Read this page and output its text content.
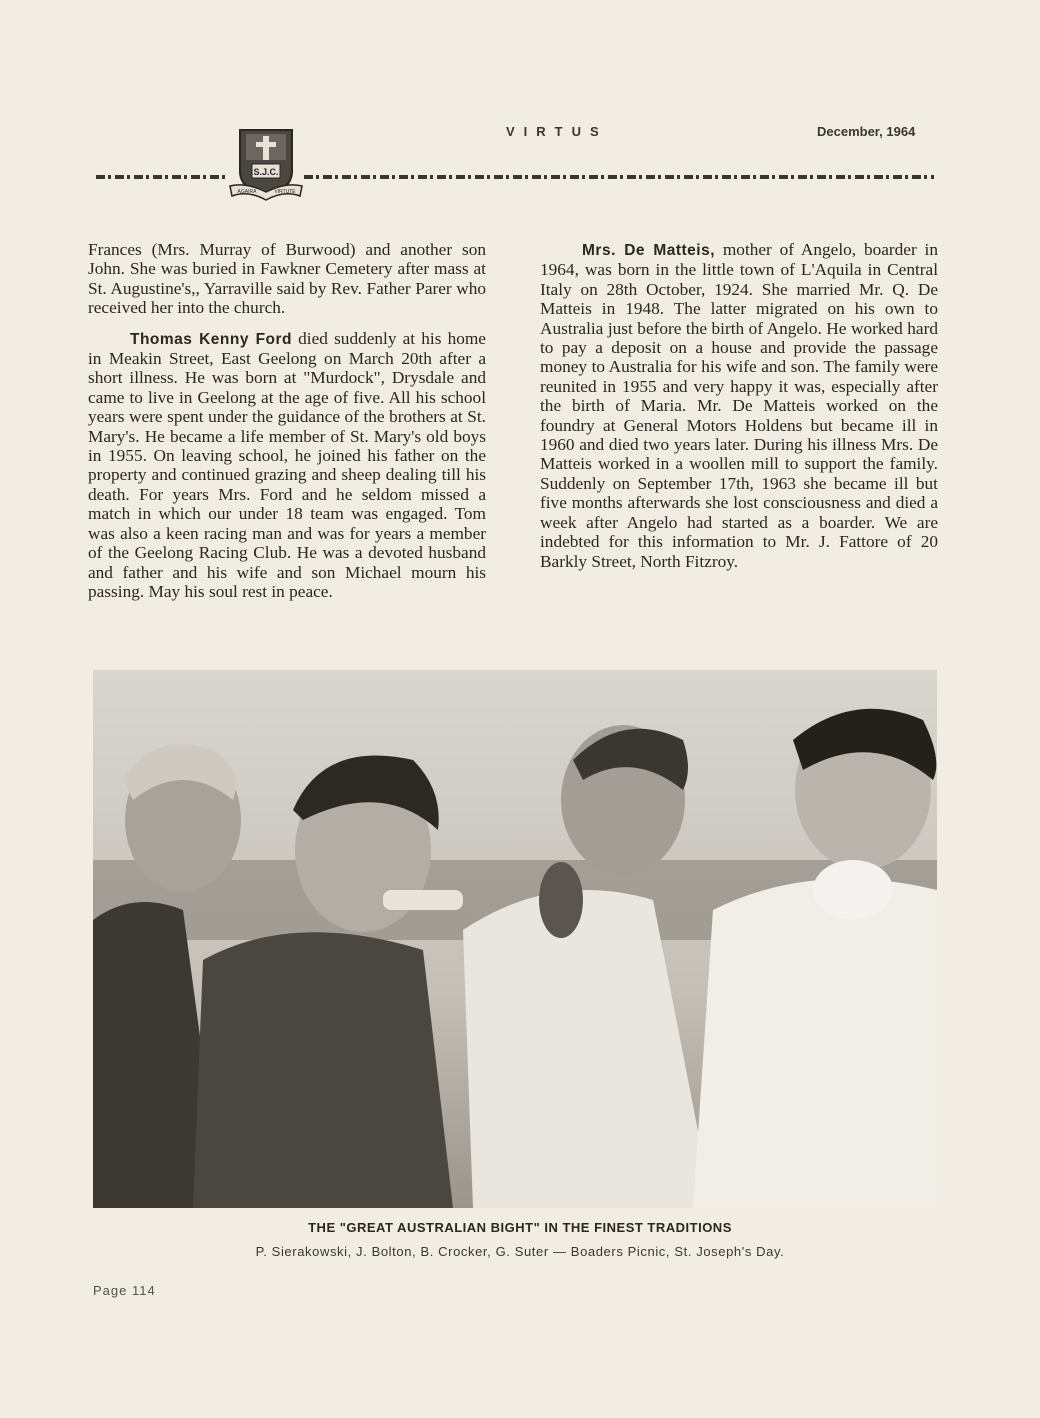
S.J.C.
AGAIRA	VIRTUTE
VIRTUS	December, 1964

Frances (Mrs. Murray of Burwood) and another son John. She was buried in Fawkner Cemetery after mass at St. Augustine's,, Yarraville said by Rev. Father Parer who received her into the church.

Thomas Kenny Ford died suddenly at his home in Meakin Street, East Geelong on March 20th after a short illness. He was born at "Murdock", Drysdale and came to live in Geelong at the age of five. All his school years were spent under the guidance of the brothers at St. Mary's. He became a life member of St. Mary's old boys in 1955. On leaving school, he joined his father on the property and continued grazing and sheep dealing till his death. For years Mrs. Ford and he seldom missed a match in which our under 18 team was engaged. Tom was also a keen racing man and was for years a member of the Geelong Racing Club. He was a devoted husband and father and his wife and son Michael mourn his passing. May his soul rest in peace.

Mrs. De Matteis, mother of Angelo, boarder in 1964, was born in the little town of L'Aquila in Central Italy on 28th October, 1924. She married Mr. Q. De Matteis in 1948. The latter migrated on his own to Australia just before the birth of Angelo. He worked hard to pay a deposit on a house and provide the passage money to Australia for his wife and son. The family were reunited in 1955 and very happy it was, especially after the birth of Maria. Mr. De Matteis worked on the foundry at General Motors Holdens but became ill in 1960 and died two years later. During his illness Mrs. De Matteis worked in a woollen mill to support the family. Suddenly on September 17th, 1963 she became ill but five months afterwards she lost consciousness and died a week after Angelo had started as a boarder. We are indebted for this information to Mr. J. Fattore of 20 Barkly Street, North Fitzroy.

THE "GREAT AUSTRALIAN BIGHT" IN THE FINEST TRADITIONS
P. Sierakowski, J. Bolton, B. Crocker, G. Suter — Boaders Picnic, St. Joseph's Day.
Page 114
